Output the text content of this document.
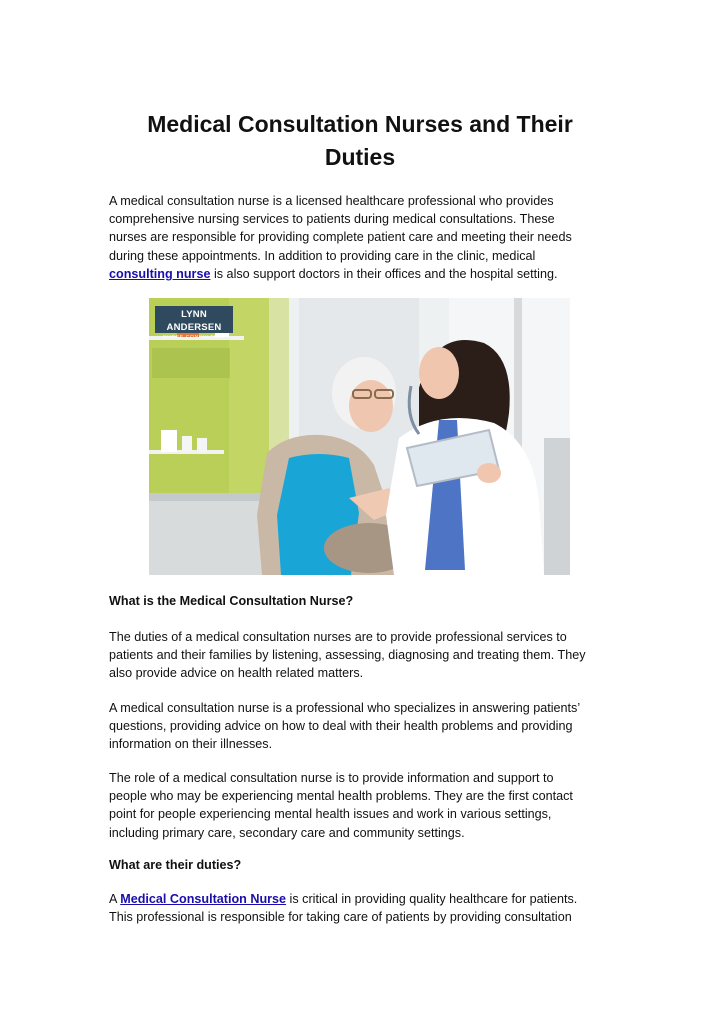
Medical Consultation Nurses and Their
Duties
A medical consultation nurse is a licensed healthcare professional who provides
comprehensive nursing services to patients during medical consultations. These
nurses are responsible for providing complete patient care and meeting their needs
during these appointments. In addition to providing care in the clinic, medical
consulting nurse is also support doctors in their offices and the hospital setting.
LYNN ANDERSEN
NURSE CONSULTING
What is the Medical Consultation Nurse?
The duties of a medical consultation nurses are to provide professional services to
patients and their families by listening, assessing, diagnosing and treating them. They
also provide advice on health related matters.
A medical consultation nurse is a professional who specializes in answering patients’
questions, providing advice on how to deal with their health problems and providing
information on their illnesses.
The role of a medical consultation nurse is to provide information and support to
people who may be experiencing mental health problems. They are the first contact
point for people experiencing mental health issues and work in various settings,
including primary care, secondary care and community settings.
What are their duties?
A Medical Consultation Nurse is critical in providing quality healthcare for patients.
This professional is responsible for taking care of patients by providing consultation
